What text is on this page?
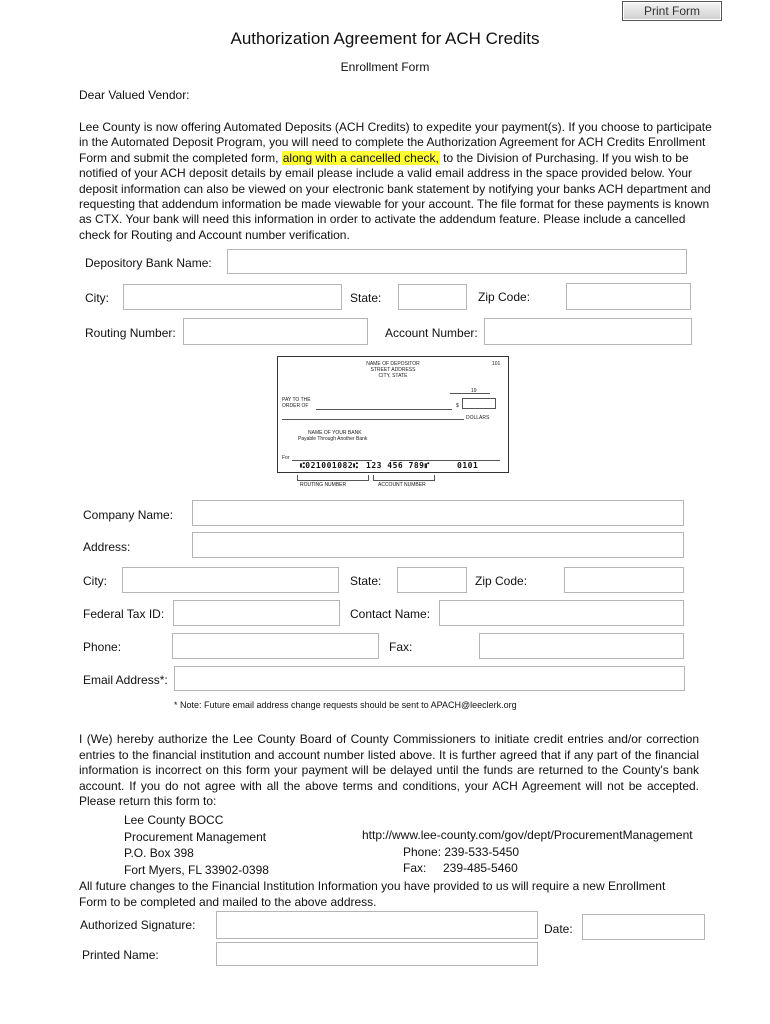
Print Form
Authorization Agreement for ACH Credits
Enrollment Form
Dear Valued Vendor:
Lee County is now offering Automated Deposits (ACH Credits) to expedite your payment(s). If you choose to participate in the Automated Deposit Program, you will need to complete the Authorization Agreement for ACH Credits Enrollment Form and submit the completed form, along with a cancelled check, to the Division of Purchasing. If you wish to be notified of your ACH deposit details by email please include a valid email address in the space provided below. Your deposit information can also be viewed on your electronic bank statement by notifying your banks ACH department and requesting that addendum information be made viewable for your account. The file format for these payments is known as CTX. Your bank will need this information in order to activate the addendum feature. Please include a cancelled check for Routing and Account number verification.
Depository Bank Name:
City:	State:	Zip Code:
Routing Number:	Account Number:
NAME OF DEPOSITOR
STREET ADDRESS
CITY, STATE
101
19
PAY TO THE
ORDER OF	$
DOLLARS
NAME OF YOUR BANK
Payable Through Another Bank
For
⑆021001082⑆ 123 456 789⑈	0101
ROUTING NUMBER	ACCOUNT NUMBER
Company Name:
Address:
City:	State:	Zip Code:
Federal Tax ID:	Contact Name:
Phone:	Fax:
Email Address*:
* Note: Future email address change requests should be sent to APACH@leeclerk.org
I (We) hereby authorize the Lee County Board of County Commissioners to initiate credit entries and/or correction entries to the financial institution and account number listed above. It is further agreed that if any part of the financial information is incorrect on this form your payment will be delayed until the funds are returned to the County's bank account. If you do not agree with all the above terms and conditions, your ACH Agreement will not be accepted. Please return this form to:
Lee County BOCC
Procurement Management
P.O. Box 398
Fort Myers, FL 33902-0398
http://www.lee-county.com/gov/dept/ProcurementManagement
Phone: 239-533-5450
Fax:     239-485-5460
All future changes to the Financial Institution Information you have provided to us will require a new Enrollment Form to be completed and mailed to the above address.
Authorized Signature:	Date:
Printed Name:
